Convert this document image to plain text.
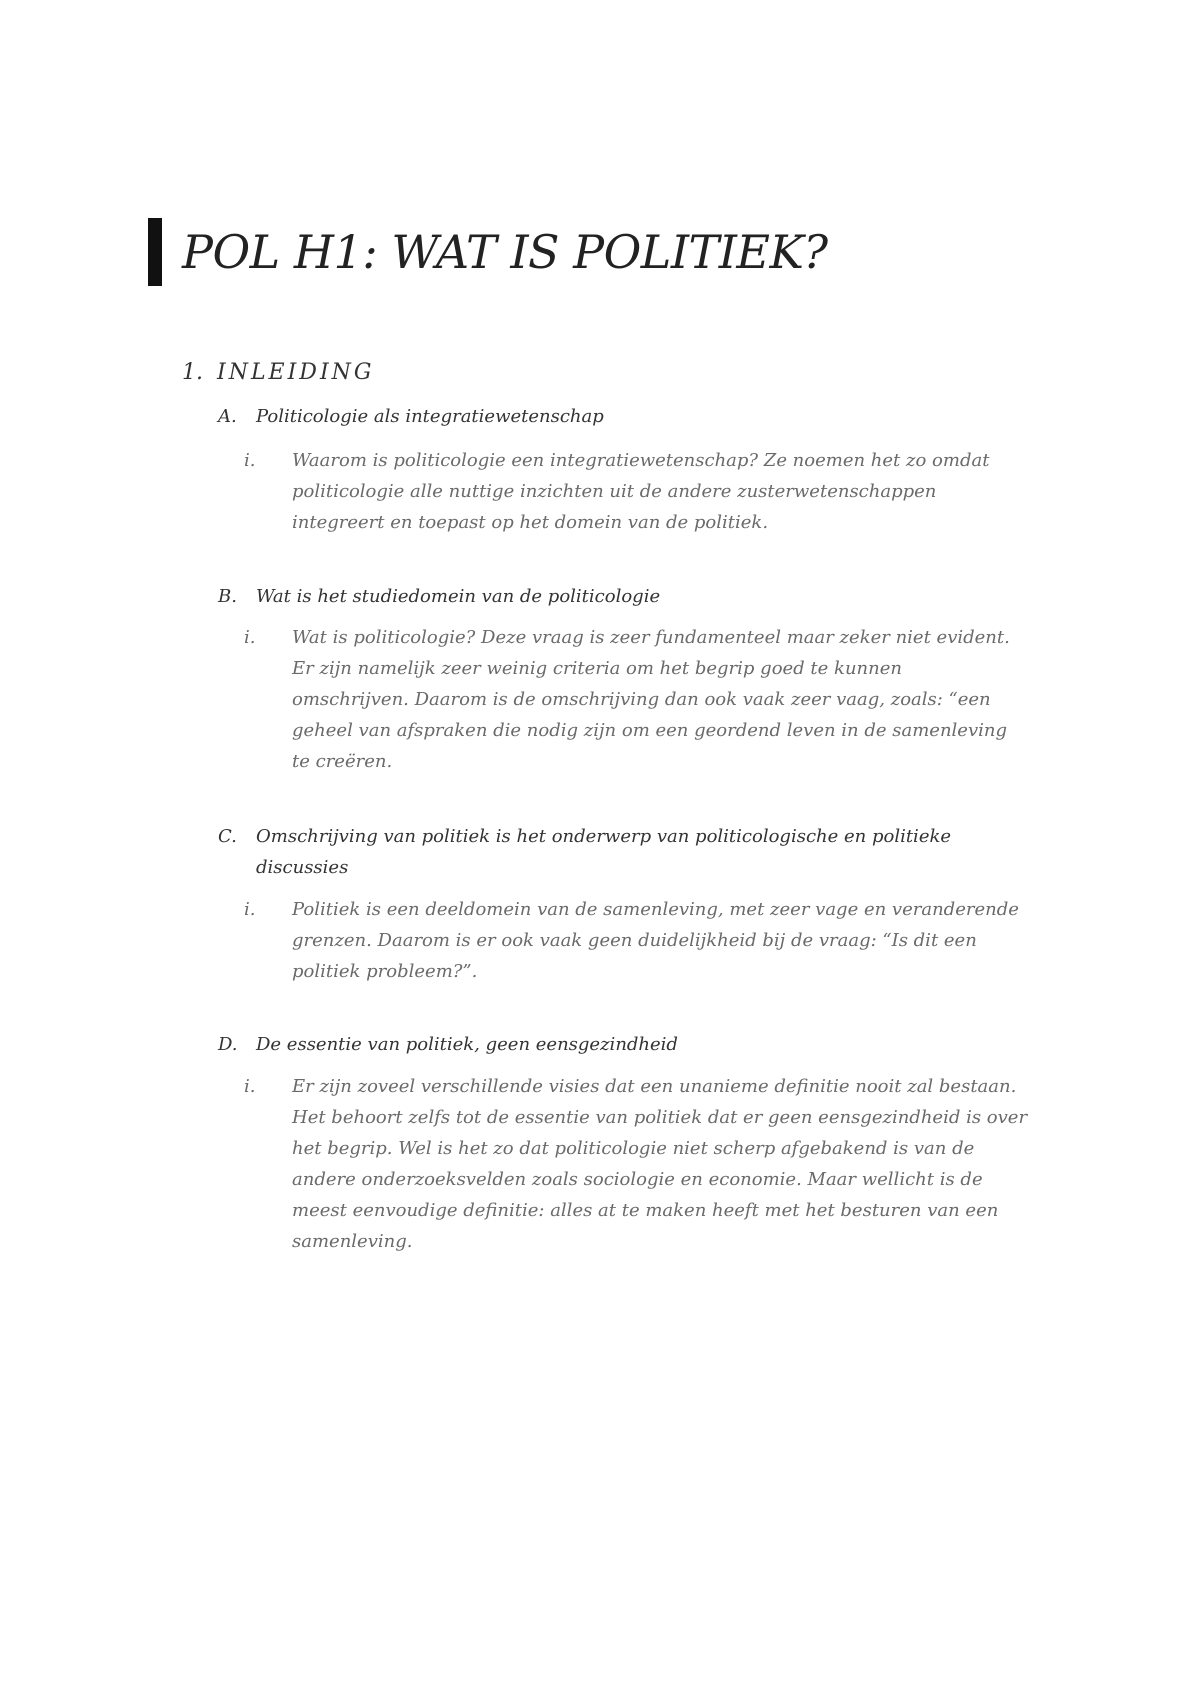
POL H1: WAT IS POLITIEK?
1. INLEIDING
A. Politicologie als integratiewetenschap
i. Waarom is politicologie een integratiewetenschap? Ze noemen het zo omdat politicologie alle nuttige inzichten uit de andere zusterwetenschappen integreert en toepast op het domein van de politiek.
B. Wat is het studiedomein van de politicologie
i. Wat is politicologie? Deze vraag is zeer fundamenteel maar zeker niet evident. Er zijn namelijk zeer weinig criteria om het begrip goed te kunnen omschrijven. Daarom is de omschrijving dan ook vaak zeer vaag, zoals: “een geheel van afspraken die nodig zijn om een geordend leven in de samenleving te creëren.
C. Omschrijving van politiek is het onderwerp van politicologische en politieke discussies
i. Politiek is een deeldomein van de samenleving, met zeer vage en veranderende grenzen. Daarom is er ook vaak geen duidelijkheid bij de vraag: “Is dit een politiek probleem?”.
D. De essentie van politiek, geen eensgezindheid
i. Er zijn zoveel verschillende visies dat een unanieme definitie nooit zal bestaan. Het behoort zelfs tot de essentie van politiek dat er geen eensgezindheid is over het begrip. Wel is het zo dat politicologie niet scherp afgebakend is van de andere onderzoeksvelden zoals sociologie en economie. Maar wellicht is de meest eenvoudige definitie: alles at te maken heeft met het besturen van een samenleving.
